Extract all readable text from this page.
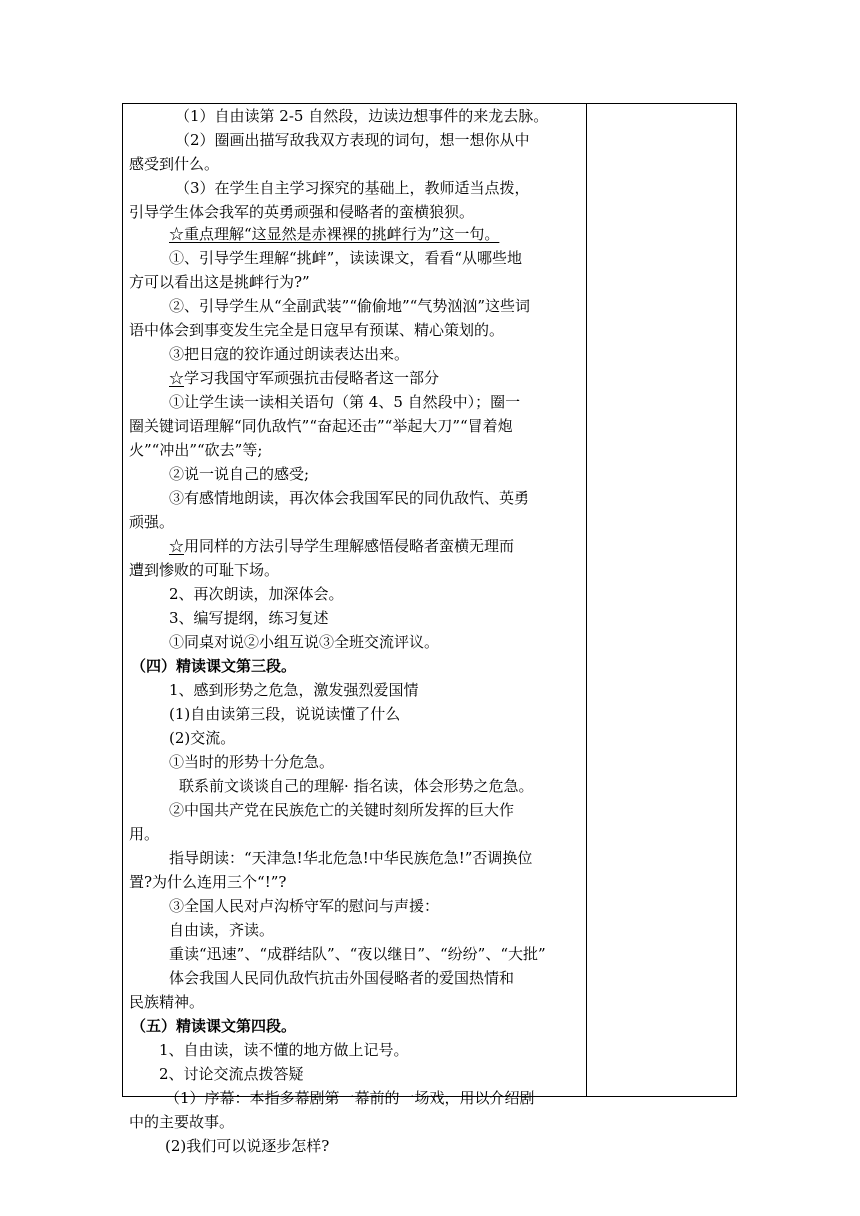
（1）自由读第 2-5 自然段，边读边想事件的来龙去脉。
（2）圈画出描写敌我双方表现的词句，想一想你从中
感受到什么。
（3）在学生自主学习探究的基础上，教师适当点拨，
引导学生体会我军的英勇顽强和侵略者的蛮横狼狈。
☆重点理解“这显然是赤裸裸的挑衅行为”这一句。
①、引导学生理解“挑衅”，读读课文，看看“从哪些地
方可以看出这是挑衅行为?”
②、引导学生从“全副武装”“偷偷地”“气势汹汹”这些词
语中体会到事变发生完全是日寇早有预谋、精心策划的。
③把日寇的狡诈通过朗读表达出来。
☆学习我国守军顽强抗击侵略者这一部分
①让学生读一读相关语句（第 4、5 自然段中）；圈一
圈关键词语理解“同仇敌忾”“奋起还击”“举起大刀”“冒着炮
火”“冲出”“砍去”等;
②说一说自己的感受;
③有感情地朗读，再次体会我国军民的同仇敌忾、英勇
顽强。
☆用同样的方法引导学生理解感悟侵略者蛮横无理而
遭到惨败的可耻下场。
2、再次朗读，加深体会。
3、编写提纲，练习复述
①同桌对说②小组互说③全班交流评议。
（四）精读课文第三段。
1、感到形势之危急，激发强烈爱国情
(1)自由读第三段，说说读懂了什么
(2)交流。
①当时的形势十分危急。
联系前文谈谈自己的理解· 指名读，体会形势之危急。
②中国共产党在民族危亡的关键时刻所发挥的巨大作
用。
指导朗读：“天津急!华北危急!中华民族危急!”否调换位
置?为什么连用三个“!”?
③全国人民对卢沟桥守军的慰问与声援：
自由读，齐读。
重读“迅速”、“成群结队”、“夜以继日”、“纷纷”、“大批”
体会我国人民同仇敌忾抗击外国侵略者的爱国热情和
民族精神。
（五）精读课文第四段。
1、自由读，读不懂的地方做上记号。
2、讨论交流点拨答疑
（1）序幕：本指多幕剧第一幕前的一场戏，用以介绍剧
中的主要故事。
(2)我们可以说逐步怎样?
